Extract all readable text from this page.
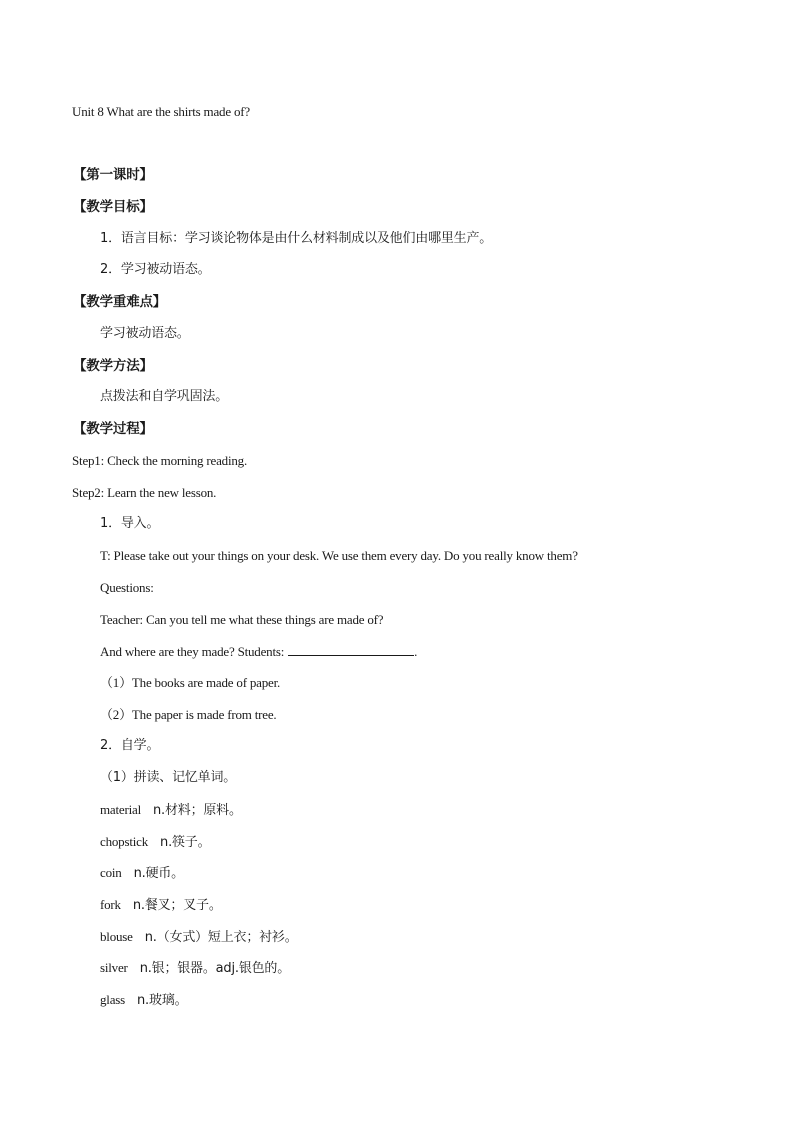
Unit 8 What are the shirts made of?
【第一课时】
【教学目标】
1．语言目标：学习谈论物体是由什么材料制成以及他们由哪里生产。
2．学习被动语态。
【教学重难点】
学习被动语态。
【教学方法】
点拨法和自学巩固法。
【教学过程】
Step1: Check the morning reading.
Step2: Learn the new lesson.
1．导入。
T: Please take out your things on your desk. We use them every day. Do you really know them?
Questions:
Teacher: Can you tell me what these things are made of?
And where are they made? Students:	.
（1）The books are made of paper.
（2）The paper is made from tree.
2．自学。
（1）拼读、记忆单词。
material n.材料；原料。
chopstick n.筷子。
coin n.硬币。
fork n.餐叉；叉子。
blouse n.（女式）短上衣；衬衫。
silver n.银；银器。adj.银色的。
glass n.玻璃。
